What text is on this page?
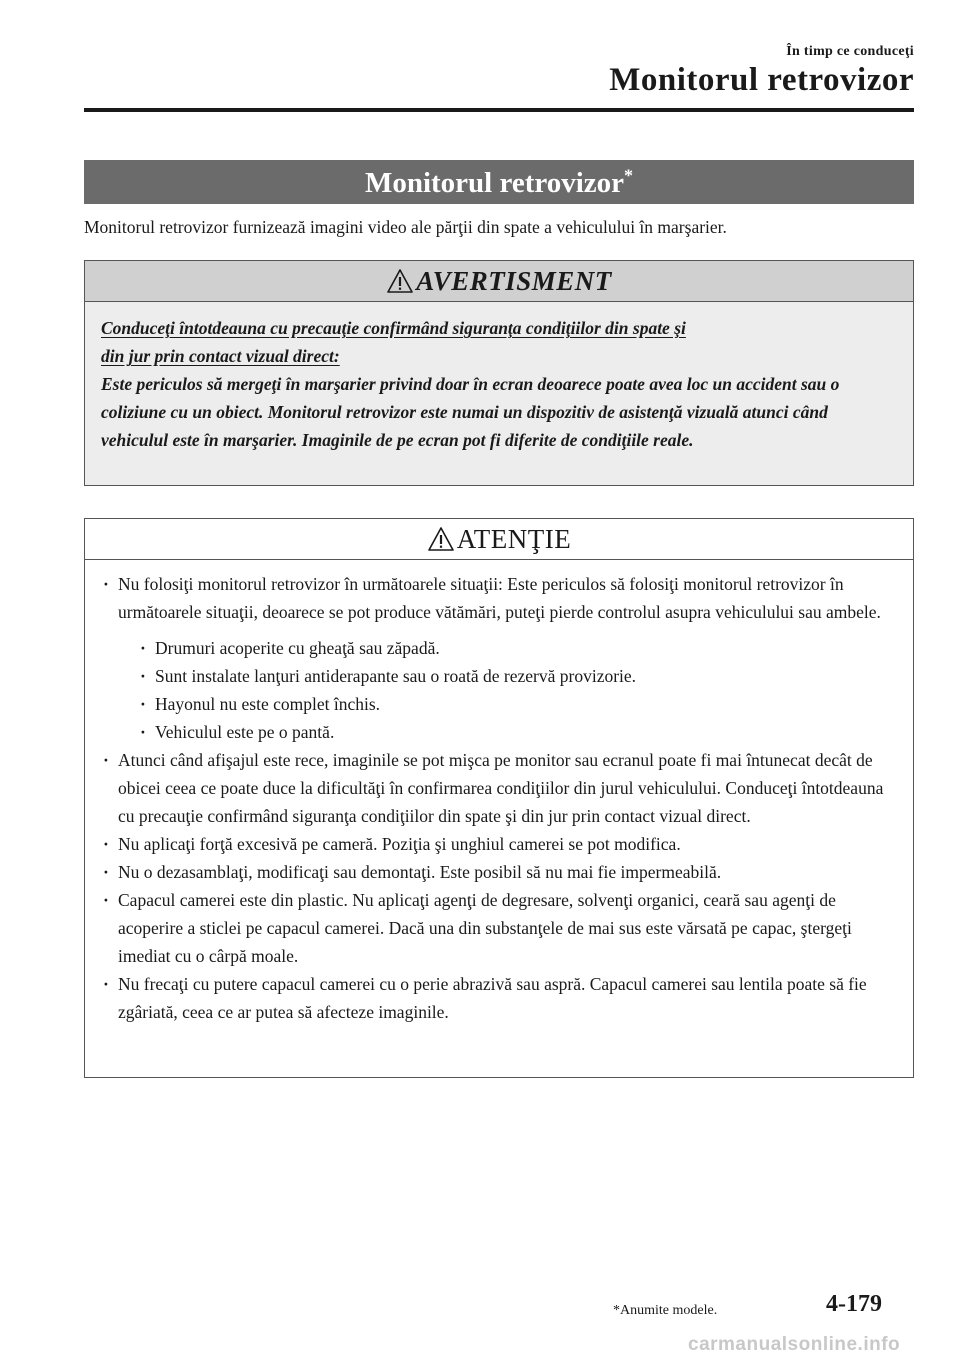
În timp ce conduceţi
Monitorul retrovizor
Monitorul retrovizor*
Monitorul retrovizor furnizează imagini video ale părţii din spate a vehiculului în marşarier.
AVERTISMENT

Conduceţi întotdeauna cu precauţie confirmând siguranţa condiţiilor din spate şi

din jur prin contact vizual direct:

Este periculos să mergeţi în marşarier privind doar în ecran deoarece poate avea loc un accident sau o coliziune cu un obiect. Monitorul retrovizor este numai un dispozitiv de asistenţă vizuală atunci când vehiculul este în marşarier. Imaginile de pe ecran pot fi diferite de condiţiile reale.

ATENŢIE
· Nu folosiţi monitorul retrovizor în următoarele situaţii: Este periculos să folosiţi monitorul retrovizor în următoarele situaţii, deoarece se pot produce vătămări, puteţi pierde controlul asupra vehiculului sau ambele.
· Drumuri acoperite cu gheaţă sau zăpadă.
· Sunt instalate lanţuri antiderapante sau o roată de rezervă provizorie.
· Hayonul nu este complet închis.
· Vehiculul este pe o pantă.
· Atunci când afişajul este rece, imaginile se pot mişca pe monitor sau ecranul poate fi mai întunecat decât de obicei ceea ce poate duce la dificultăţi în confirmarea condiţiilor din jurul vehiculului. Conduceţi întotdeauna cu precauţie confirmând siguranţa condiţiilor din spate şi din jur prin contact vizual direct.
· Nu aplicaţi forţă excesivă pe cameră. Poziţia şi unghiul camerei se pot modifica.
· Nu o dezasamblaţi, modificaţi sau demontaţi. Este posibil să nu mai fie impermeabilă.
· Capacul camerei este din plastic. Nu aplicaţi agenţi de degresare, solvenţi organici, ceară sau agenţi de acoperire a sticlei pe capacul camerei. Dacă una din substanţele de mai sus este vărsată pe capac, ştergeţi imediat cu o cârpă moale.
· Nu frecaţi cu putere capacul camerei cu o perie abrazivă sau aspră. Capacul camerei sau lentila poate să fie zgâriată, ceea ce ar putea să afecteze imaginile.
*Anumite modele.	4-179
carmanualsonline.info
